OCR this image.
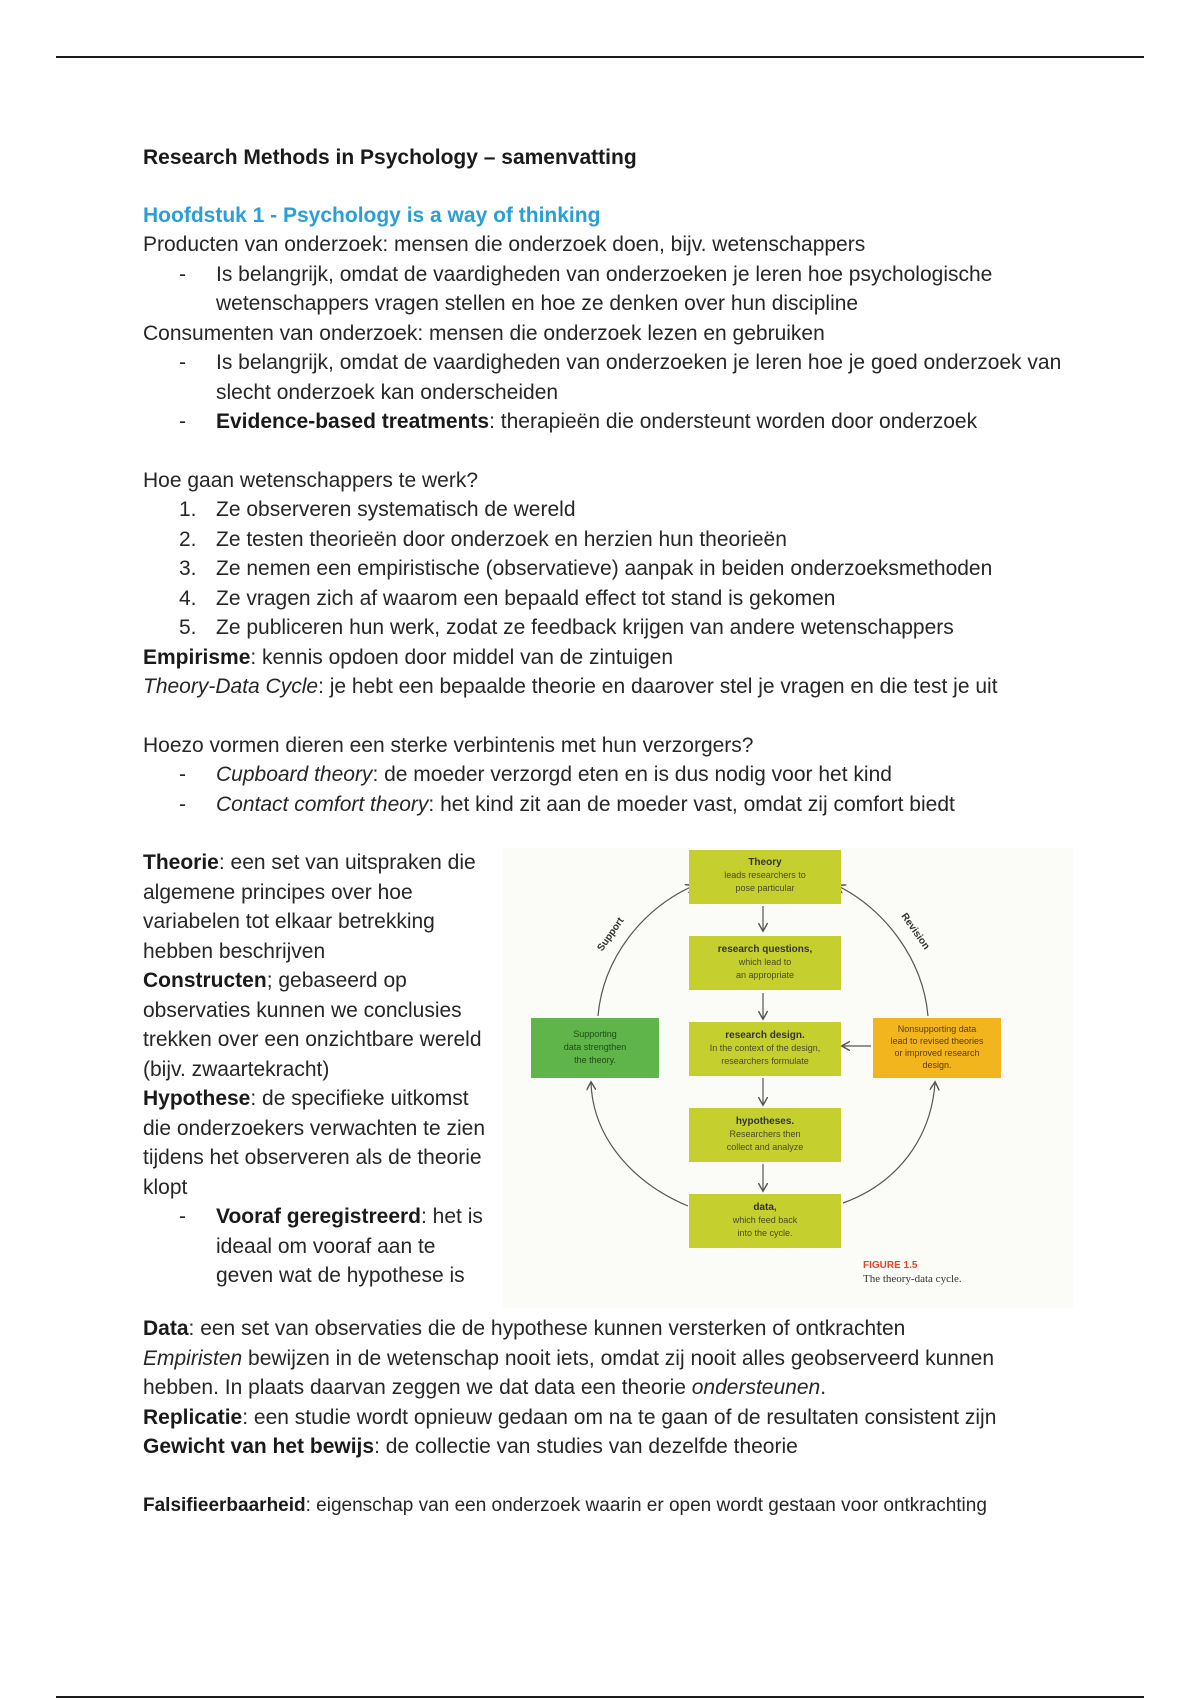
Research Methods in Psychology – samenvatting

Hoofdstuk 1 - Psychology is a way of thinking

Producten van onderzoek: mensen die onderzoek doen, bijv. wetenschappers

- Is belangrijk, omdat de vaardigheden van onderzoeken je leren hoe psychologische wetenschappers vragen stellen en hoe ze denken over hun discipline

Consumenten van onderzoek: mensen die onderzoek lezen en gebruiken

- Is belangrijk, omdat de vaardigheden van onderzoeken je leren hoe je goed onderzoek van slecht onderzoek kan onderscheiden
- Evidence-based treatments: therapieën die ondersteunt worden door onderzoek

Hoe gaan wetenschappers te werk?

1. Ze observeren systematisch de wereld
2. Ze testen theorieën door onderzoek en herzien hun theorieën
3. Ze nemen een empiristische (observatieve) aanpak in beiden onderzoeksmethoden
4. Ze vragen zich af waarom een bepaald effect tot stand is gekomen
5. Ze publiceren hun werk, zodat ze feedback krijgen van andere wetenschappers

Empirisme: kennis opdoen door middel van de zintuigen

Theory-Data Cycle: je hebt een bepaalde theorie en daarover stel je vragen en die test je uit

Hoezo vormen dieren een sterke verbintenis met hun verzorgers?

- Cupboard theory: de moeder verzorgd eten en is dus nodig voor het kind
- Contact comfort theory: het kind zit aan de moeder vast, omdat zij comfort biedt

Theorie: een set van uitspraken die algemene principes over hoe variabelen tot elkaar betrekking hebben beschrijven

Constructen; gebaseerd op observaties kunnen we conclusies trekken over een onzichtbare wereld (bijv. zwaartekracht)

Hypothese: de specifieke uitkomst die onderzoekers verwachten te zien tijdens het observeren als de theorie klopt

- Vooraf geregistreerd: het is ideaal om vooraf aan te geven wat de hypothese is
Theory
leads researchers to
pose particular
research questions,
which lead to
an appropriate
research design.
In the context of the design,
researchers formulate
hypotheses.
Researchers then
collect and analyze
data,
which feed back
into the cycle.
Supporting
data strengthen
the theory.
Nonsupporting data
lead to revised theories
or improved research
design.
Support	Revision
FIGURE 1.5
The theory-data cycle.

Data: een set van observaties die de hypothese kunnen versterken of ontkrachten

Empiristen bewijzen in de wetenschap nooit iets, omdat zij nooit alles geobserveerd kunnen hebben. In plaats daarvan zeggen we dat data een theorie ondersteunen.

Replicatie: een studie wordt opnieuw gedaan om na te gaan of de resultaten consistent zijn

Gewicht van het bewijs: de collectie van studies van dezelfde theorie

Falsifieerbaarheid: eigenschap van een onderzoek waarin er open wordt gestaan voor ontkrachting
